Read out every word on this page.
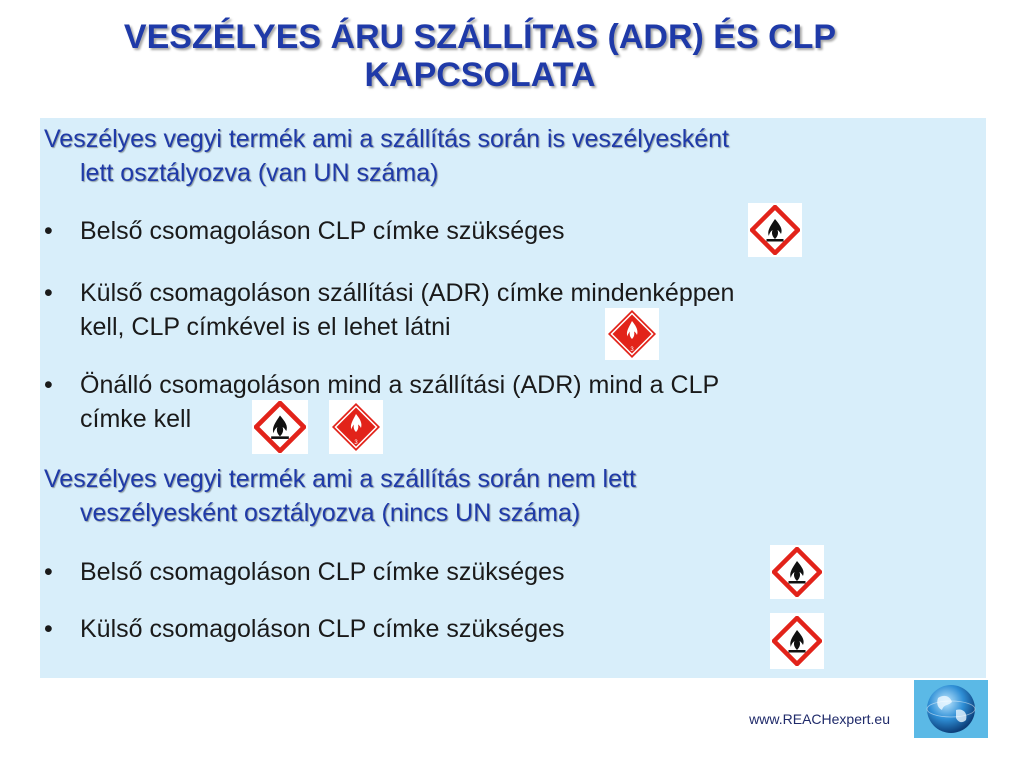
VESZÉLYES ÁRU SZÁLLÍTAS (ADR) ÉS CLP
KAPCSOLATA
Veszélyes vegyi termék ami a szállítás során is veszélyesként
lett osztályozva (van UN száma)
• Belső csomagoláson CLP címke szükséges
• Külső csomagoláson szállítási (ADR) címke mindenképpen
kell, CLP címkével is el lehet látni
3
• Önálló csomagoláson mind a szállítási (ADR) mind a CLP
címke kell
3
Veszélyes vegyi termék ami a szállítás során nem lett
veszélyesként osztályozva (nincs UN száma)
• Belső csomagoláson CLP címke szükséges
• Külső csomagoláson CLP címke szükséges
www.REACHexpert.eu
